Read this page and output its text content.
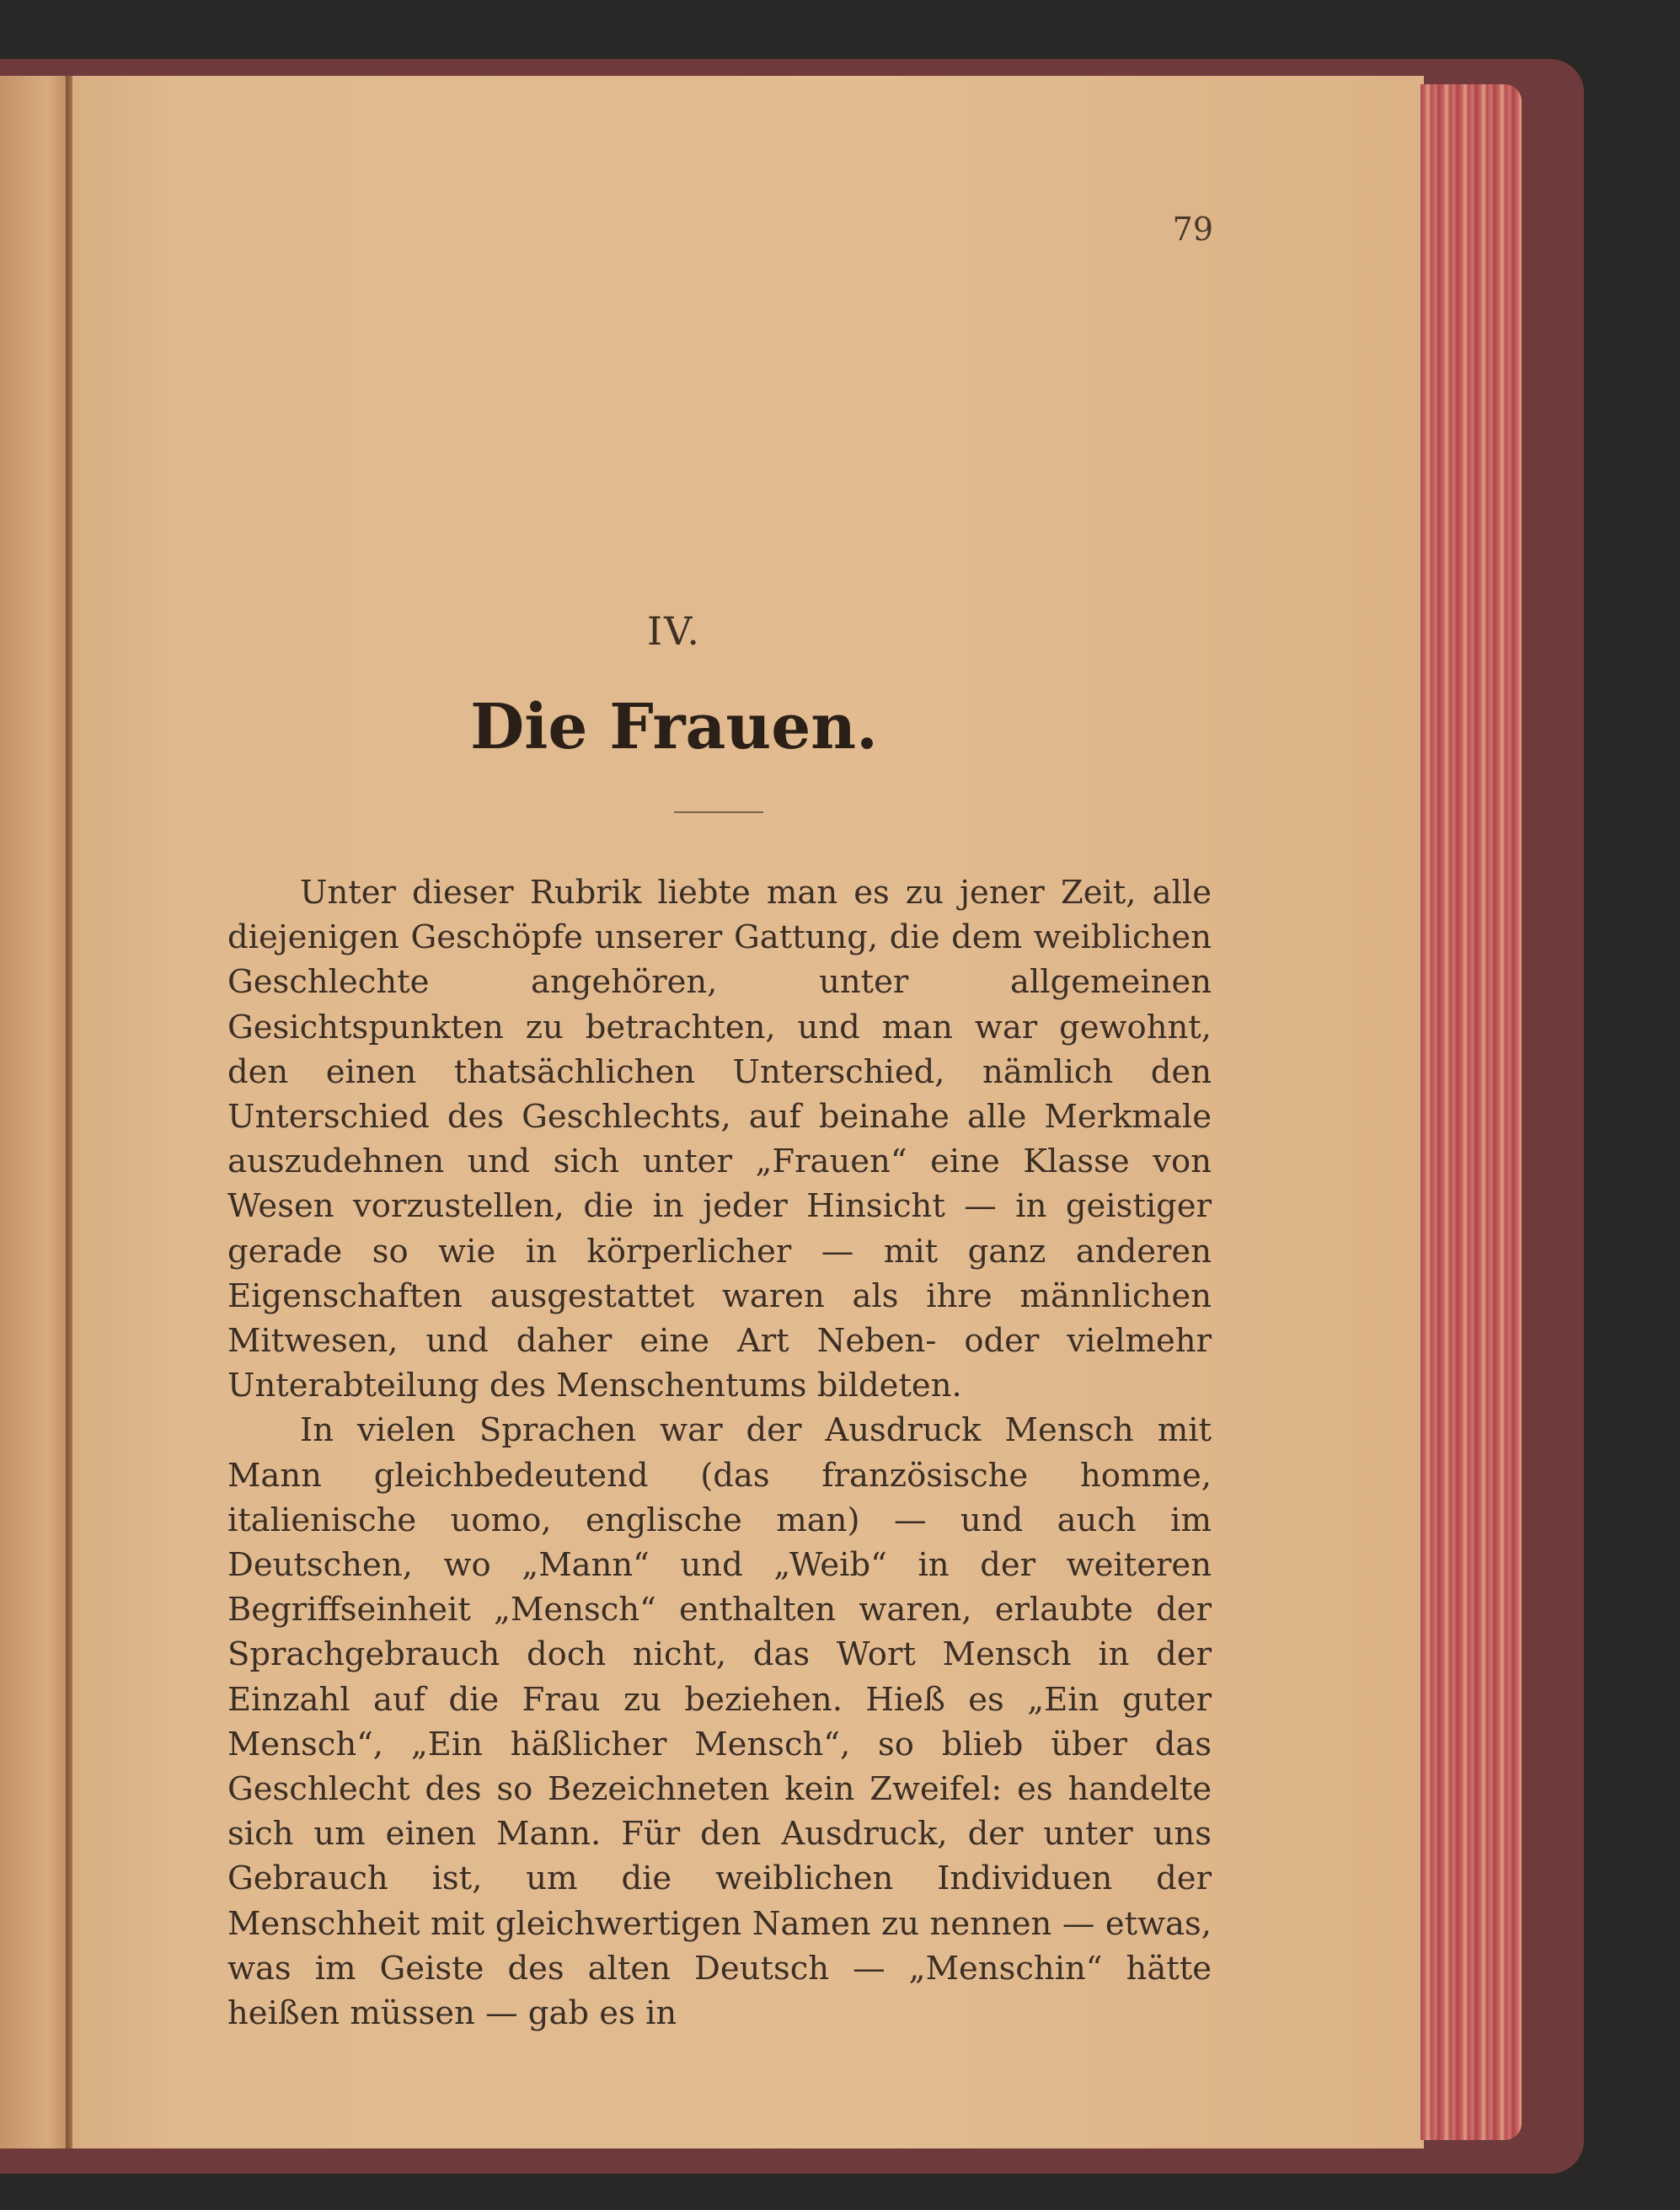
79
IV.
Die Frauen.

Unter dieser Rubrik liebte man es zu jener Zeit, alle diejenigen Geschöpfe unserer Gattung, die dem weiblichen Geschlechte angehören, unter allgemeinen Gesichtspunkten zu betrachten, und man war gewohnt, den einen thatsächlichen Unterschied, nämlich den Unterschied des Geschlechts, auf beinahe alle Merkmale auszudehnen und sich unter „Frauen“ eine Klasse von Wesen vorzustellen, die in jeder Hinsicht — in geistiger gerade so wie in körperlicher — mit ganz anderen Eigenschaften ausgestattet waren als ihre männlichen Mitwesen, und daher eine Art Neben- oder vielmehr Unterabteilung des Menschentums bildeten.

In vielen Sprachen war der Ausdruck Mensch mit Mann gleichbedeutend (das französische homme, italienische uomo, englische man) — und auch im Deutschen, wo „Mann“ und „Weib“ in der weiteren Begriffseinheit „Mensch“ enthalten waren, erlaubte der Sprachgebrauch doch nicht, das Wort Mensch in der Einzahl auf die Frau zu beziehen. Hieß es „Ein guter Mensch“, „Ein häßlicher Mensch“, so blieb über das Geschlecht des so Bezeichneten kein Zweifel: es handelte sich um einen Mann. Für den Ausdruck, der unter uns Gebrauch ist, um die weiblichen Individuen der Menschheit mit gleichwertigen Namen zu nennen — etwas, was im Geiste des alten Deutsch — „Menschin“ hätte heißen müssen — gab es in
